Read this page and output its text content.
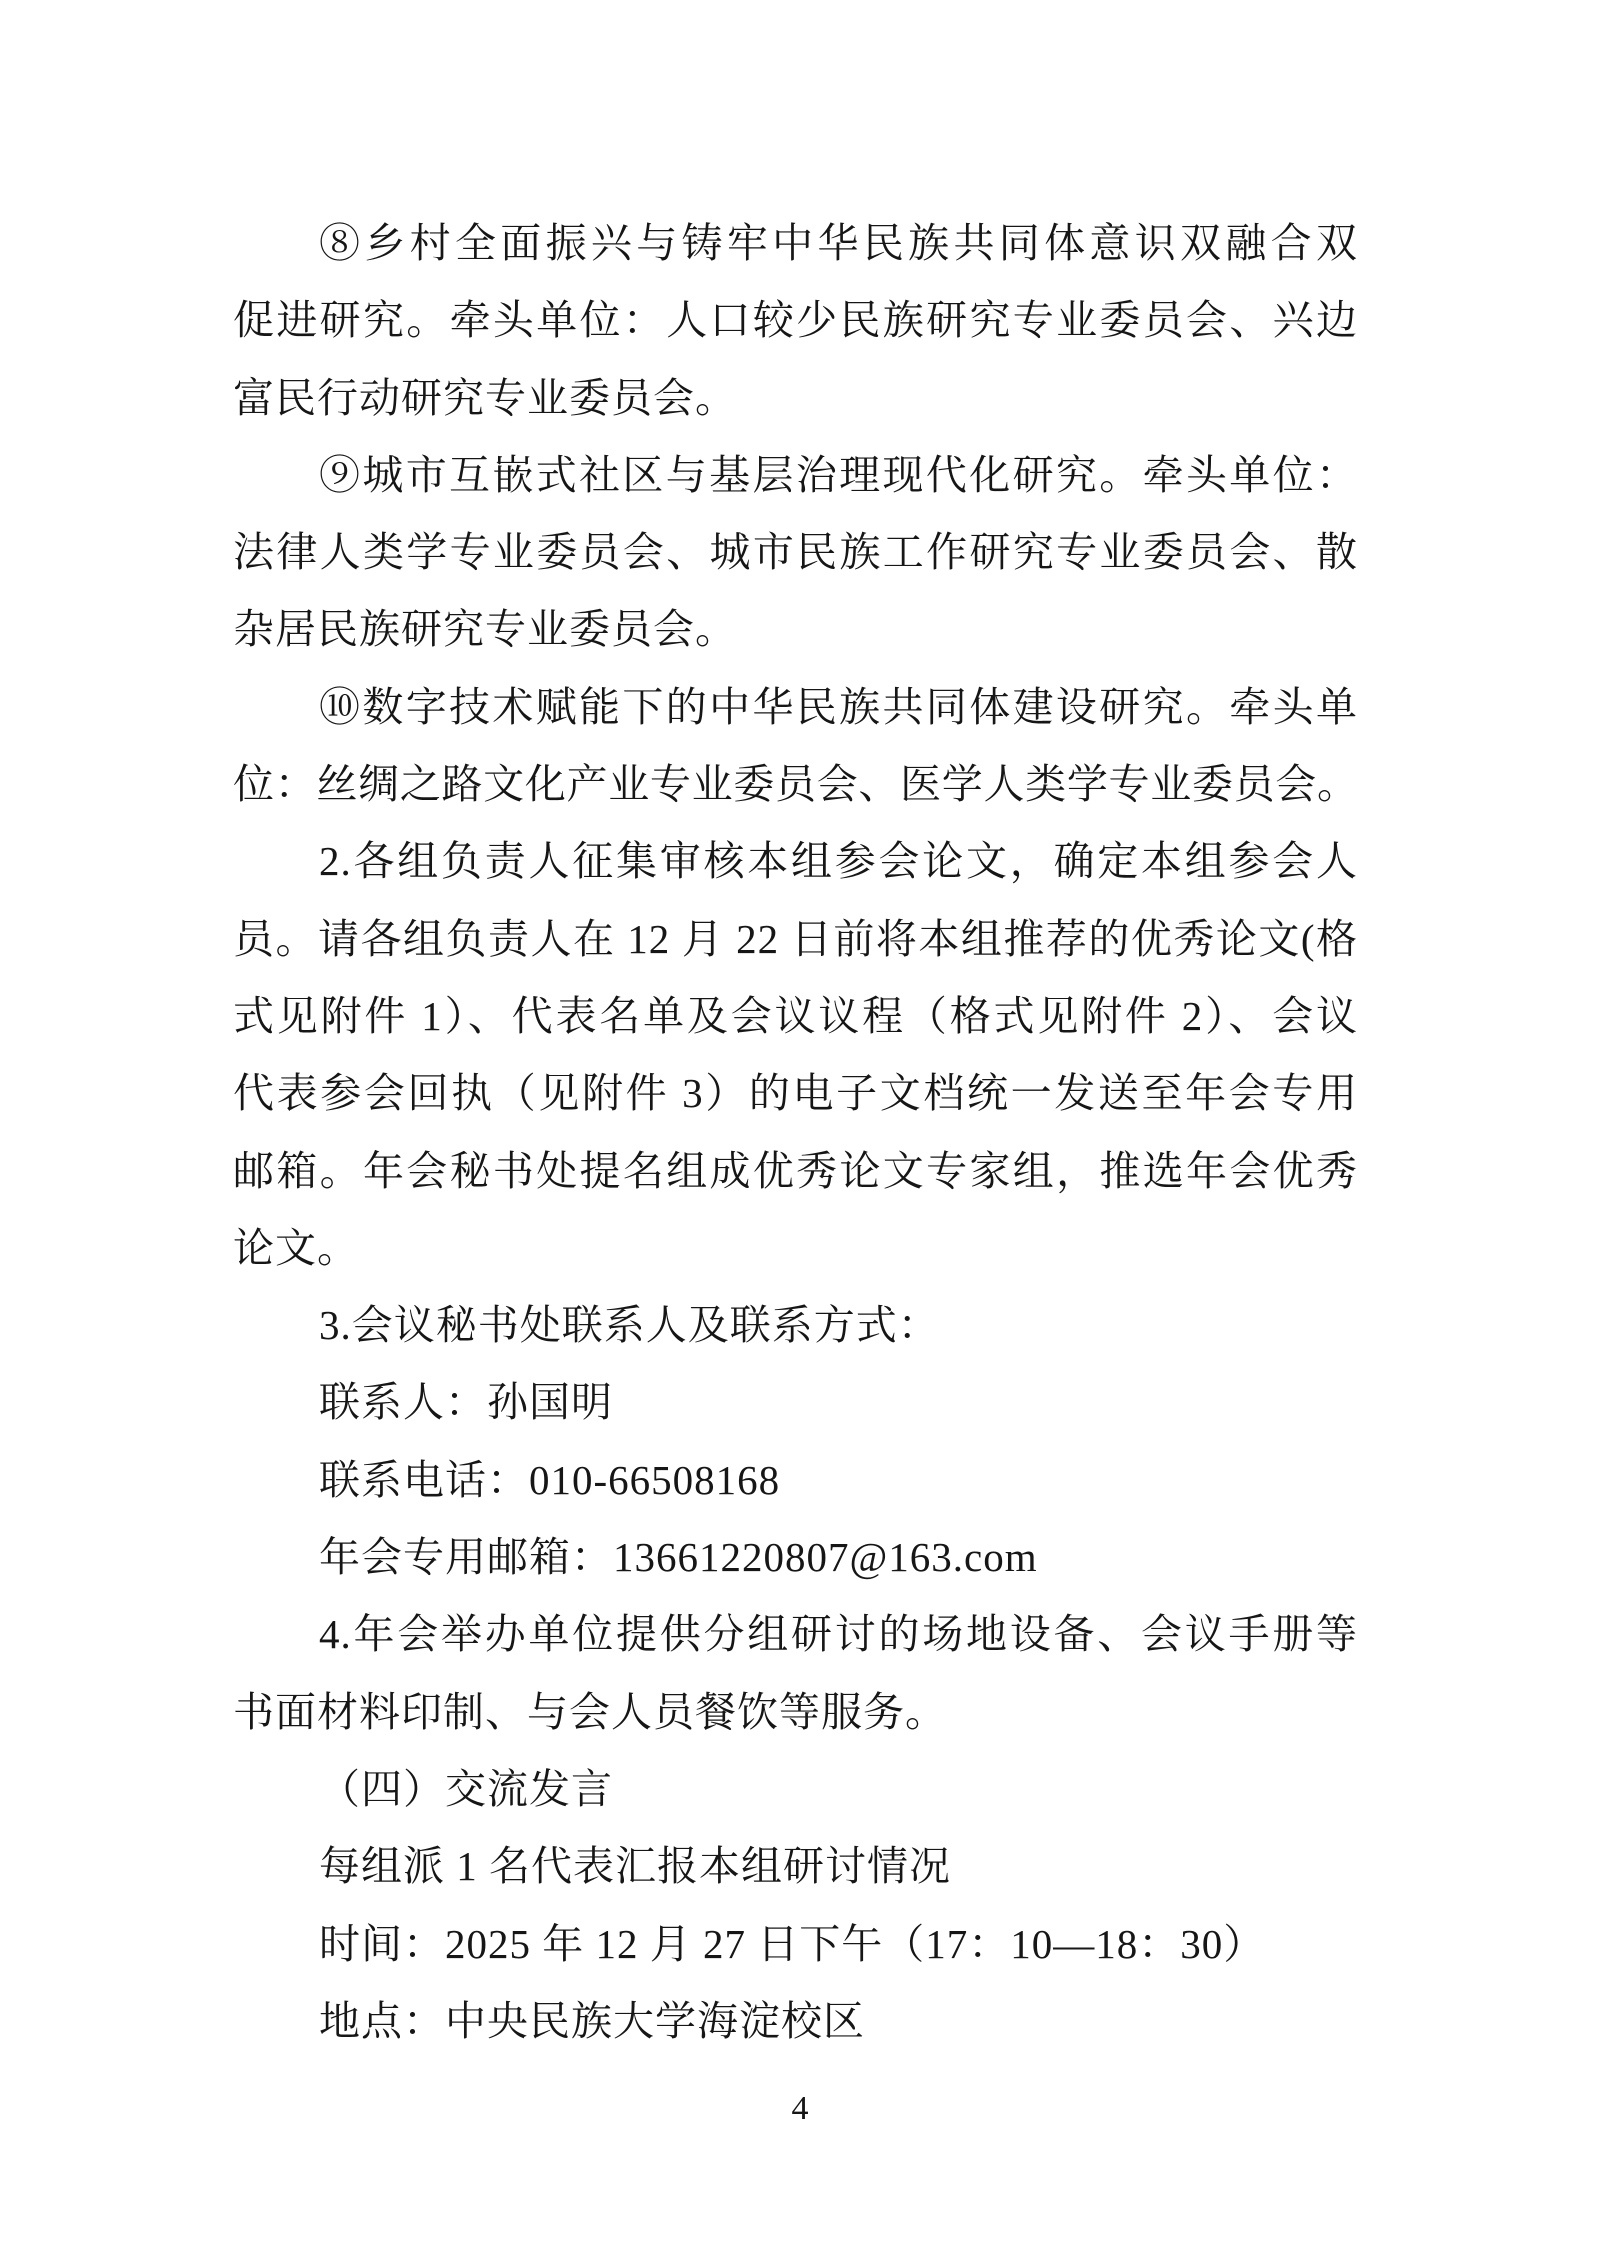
⑧乡村全面振兴与铸牢中华民族共同体意识双融合双
促进研究。牵头单位：人口较少民族研究专业委员会、兴边
富民行动研究专业委员会。
⑨城市互嵌式社区与基层治理现代化研究。牵头单位：
法律人类学专业委员会、城市民族工作研究专业委员会、散
杂居民族研究专业委员会。
⑩数字技术赋能下的中华民族共同体建设研究。牵头单
位：丝绸之路文化产业专业委员会、医学人类学专业委员会。
2.各组负责人征集审核本组参会论文，确定本组参会人
员。请各组负责人在 12 月 22 日前将本组推荐的优秀论文(格
式见附件 1）、代表名单及会议议程（格式见附件 2）、会议
代表参会回执（见附件 3）的电子文档统一发送至年会专用
邮箱。年会秘书处提名组成优秀论文专家组，推选年会优秀
论文。
3.会议秘书处联系人及联系方式：
联系人：孙国明
联系电话：010-66508168
年会专用邮箱：13661220807@163.com
4.年会举办单位提供分组研讨的场地设备、会议手册等
书面材料印制、与会人员餐饮等服务。
（四）交流发言
每组派 1 名代表汇报本组研讨情况
时间：2025 年 12 月 27 日下午（17：10—18：30）
地点：中央民族大学海淀校区
4
